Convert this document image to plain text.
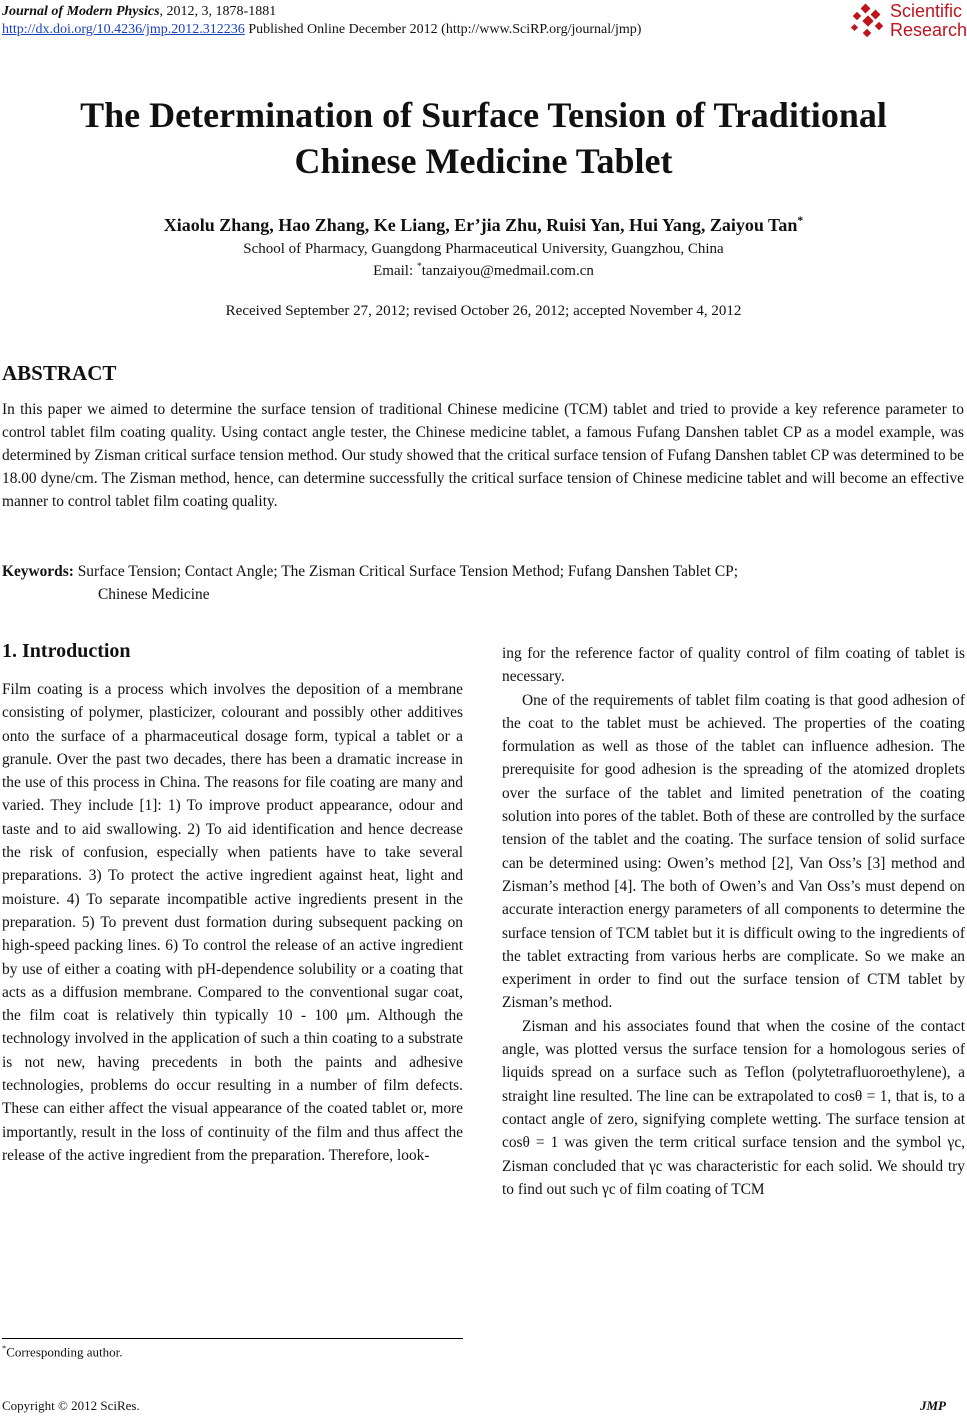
Journal of Modern Physics, 2012, 3, 1878-1881
http://dx.doi.org/10.4236/jmp.2012.312236 Published Online December 2012 (http://www.SciRP.org/journal/jmp)
Scientific
Research
The Determination of Surface Tension of Traditional
Chinese Medicine Tablet
Xiaolu Zhang, Hao Zhang, Ke Liang, Er’jia Zhu, Ruisi Yan, Hui Yang, Zaiyou Tan*
School of Pharmacy, Guangdong Pharmaceutical University, Guangzhou, China
Email: *tanzaiyou@medmail.com.cn
Received September 27, 2012; revised October 26, 2012; accepted November 4, 2012
ABSTRACT
In this paper we aimed to determine the surface tension of traditional Chinese medicine (TCM) tablet and tried to provide a key reference parameter to control tablet film coating quality. Using contact angle tester, the Chinese medicine tablet, a famous Fufang Danshen tablet CP as a model example, was determined by Zisman critical surface tension method. Our study showed that the critical surface tension of Fufang Danshen tablet CP was determined to be 18.00 dyne/cm. The Zisman method, hence, can determine successfully the critical surface tension of Chinese medicine tablet and will become an effective manner to control tablet film coating quality.
Keywords: Surface Tension; Contact Angle; The Zisman Critical Surface Tension Method; Fufang Danshen Tablet CP;
Chinese Medicine
1. Introduction

Film coating is a process which involves the deposition of a membrane consisting of polymer, plasticizer, colourant and possibly other additives onto the surface of a pharmaceutical dosage form, typical a tablet or a granule. Over the past two decades, there has been a dramatic increase in the use of this process in China. The reasons for file coating are many and varied. They include [1]: 1) To improve product appearance, odour and taste and to aid swallowing. 2) To aid identification and hence decrease the risk of confusion, especially when patients have to take several preparations. 3) To protect the active ingredient against heat, light and moisture. 4) To separate incompatible active ingredients present in the preparation. 5) To prevent dust formation during subsequent packing on high-speed packing lines. 6) To control the release of an active ingredient by use of either a coating with pH-dependence solubility or a coating that acts as a diffusion membrane. Compared to the conventional sugar coat, the film coat is relatively thin typically 10 - 100 μm. Although the technology involved in the application of such a thin coating to a substrate is not new, having precedents in both the paints and adhesive technologies, problems do occur resulting in a number of film defects. These can either affect the visual appearance of the coated tablet or, more importantly, result in the loss of continuity of the film and thus affect the release of the active ingredient from the preparation. Therefore, look-

ing for the reference factor of quality control of film coating of tablet is necessary.

One of the requirements of tablet film coating is that good adhesion of the coat to the tablet must be achieved. The properties of the coating formulation as well as those of the tablet can influence adhesion. The prerequisite for good adhesion is the spreading of the atomized droplets over the surface of the tablet and limited penetration of the coating solution into pores of the tablet. Both of these are controlled by the surface tension of the tablet and the coating. The surface tension of solid surface can be determined using: Owen’s method [2], Van Oss’s [3] method and Zisman’s method [4]. The both of Owen’s and Van Oss’s must depend on accurate interaction energy parameters of all components to determine the surface tension of TCM tablet but it is difficult owing to the ingredients of the tablet extracting from various herbs are complicate. So we make an experiment in order to find out the surface tension of CTM tablet by Zisman’s method.

Zisman and his associates found that when the cosine of the contact angle, was plotted versus the surface tension for a homologous series of liquids spread on a surface such as Teflon (polytetrafluoroethylene), a straight line resulted. The line can be extrapolated to cosθ = 1, that is, to a contact angle of zero, signifying complete wetting. The surface tension at cosθ = 1 was given the term critical surface tension and the symbol γc, Zisman concluded that γc was characteristic for each solid. We should try to find out such γc of film coating of TCM

*Corresponding author.
Copyright © 2012 SciRes.	JMP
